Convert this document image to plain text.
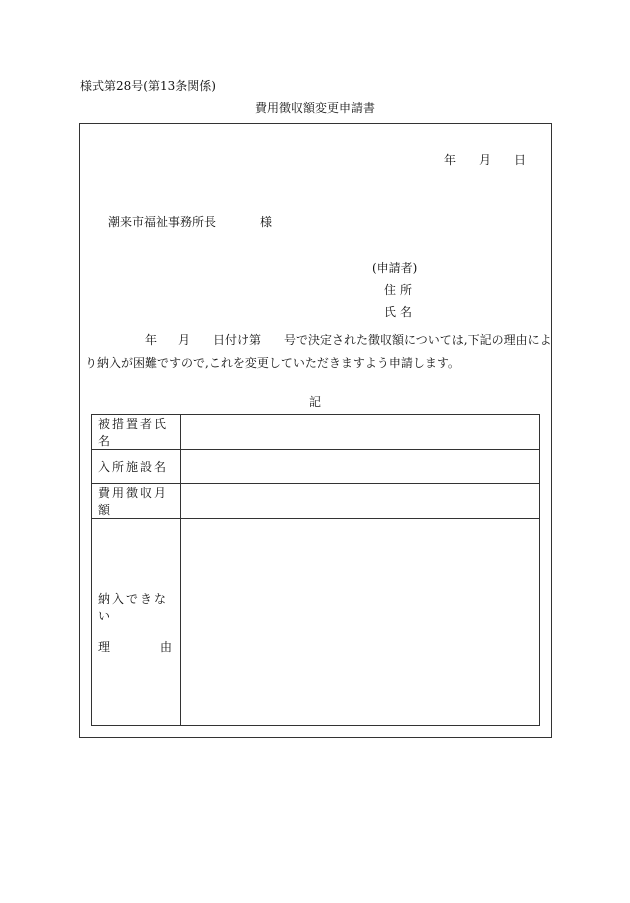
様式第28号(第13条関係)
費用徴収額変更申請書
年 月 日
潮来市福祉事務所長	様
(申請者)
住所
氏名
年 月 日付け第 号で決定された徴収額については,下記の理由によ
り納入が困難ですので,これを変更していただきますよう申請します。
記
被措置者氏名	
入所施設名	
費用徴収月額	

納入できない
理 由	
